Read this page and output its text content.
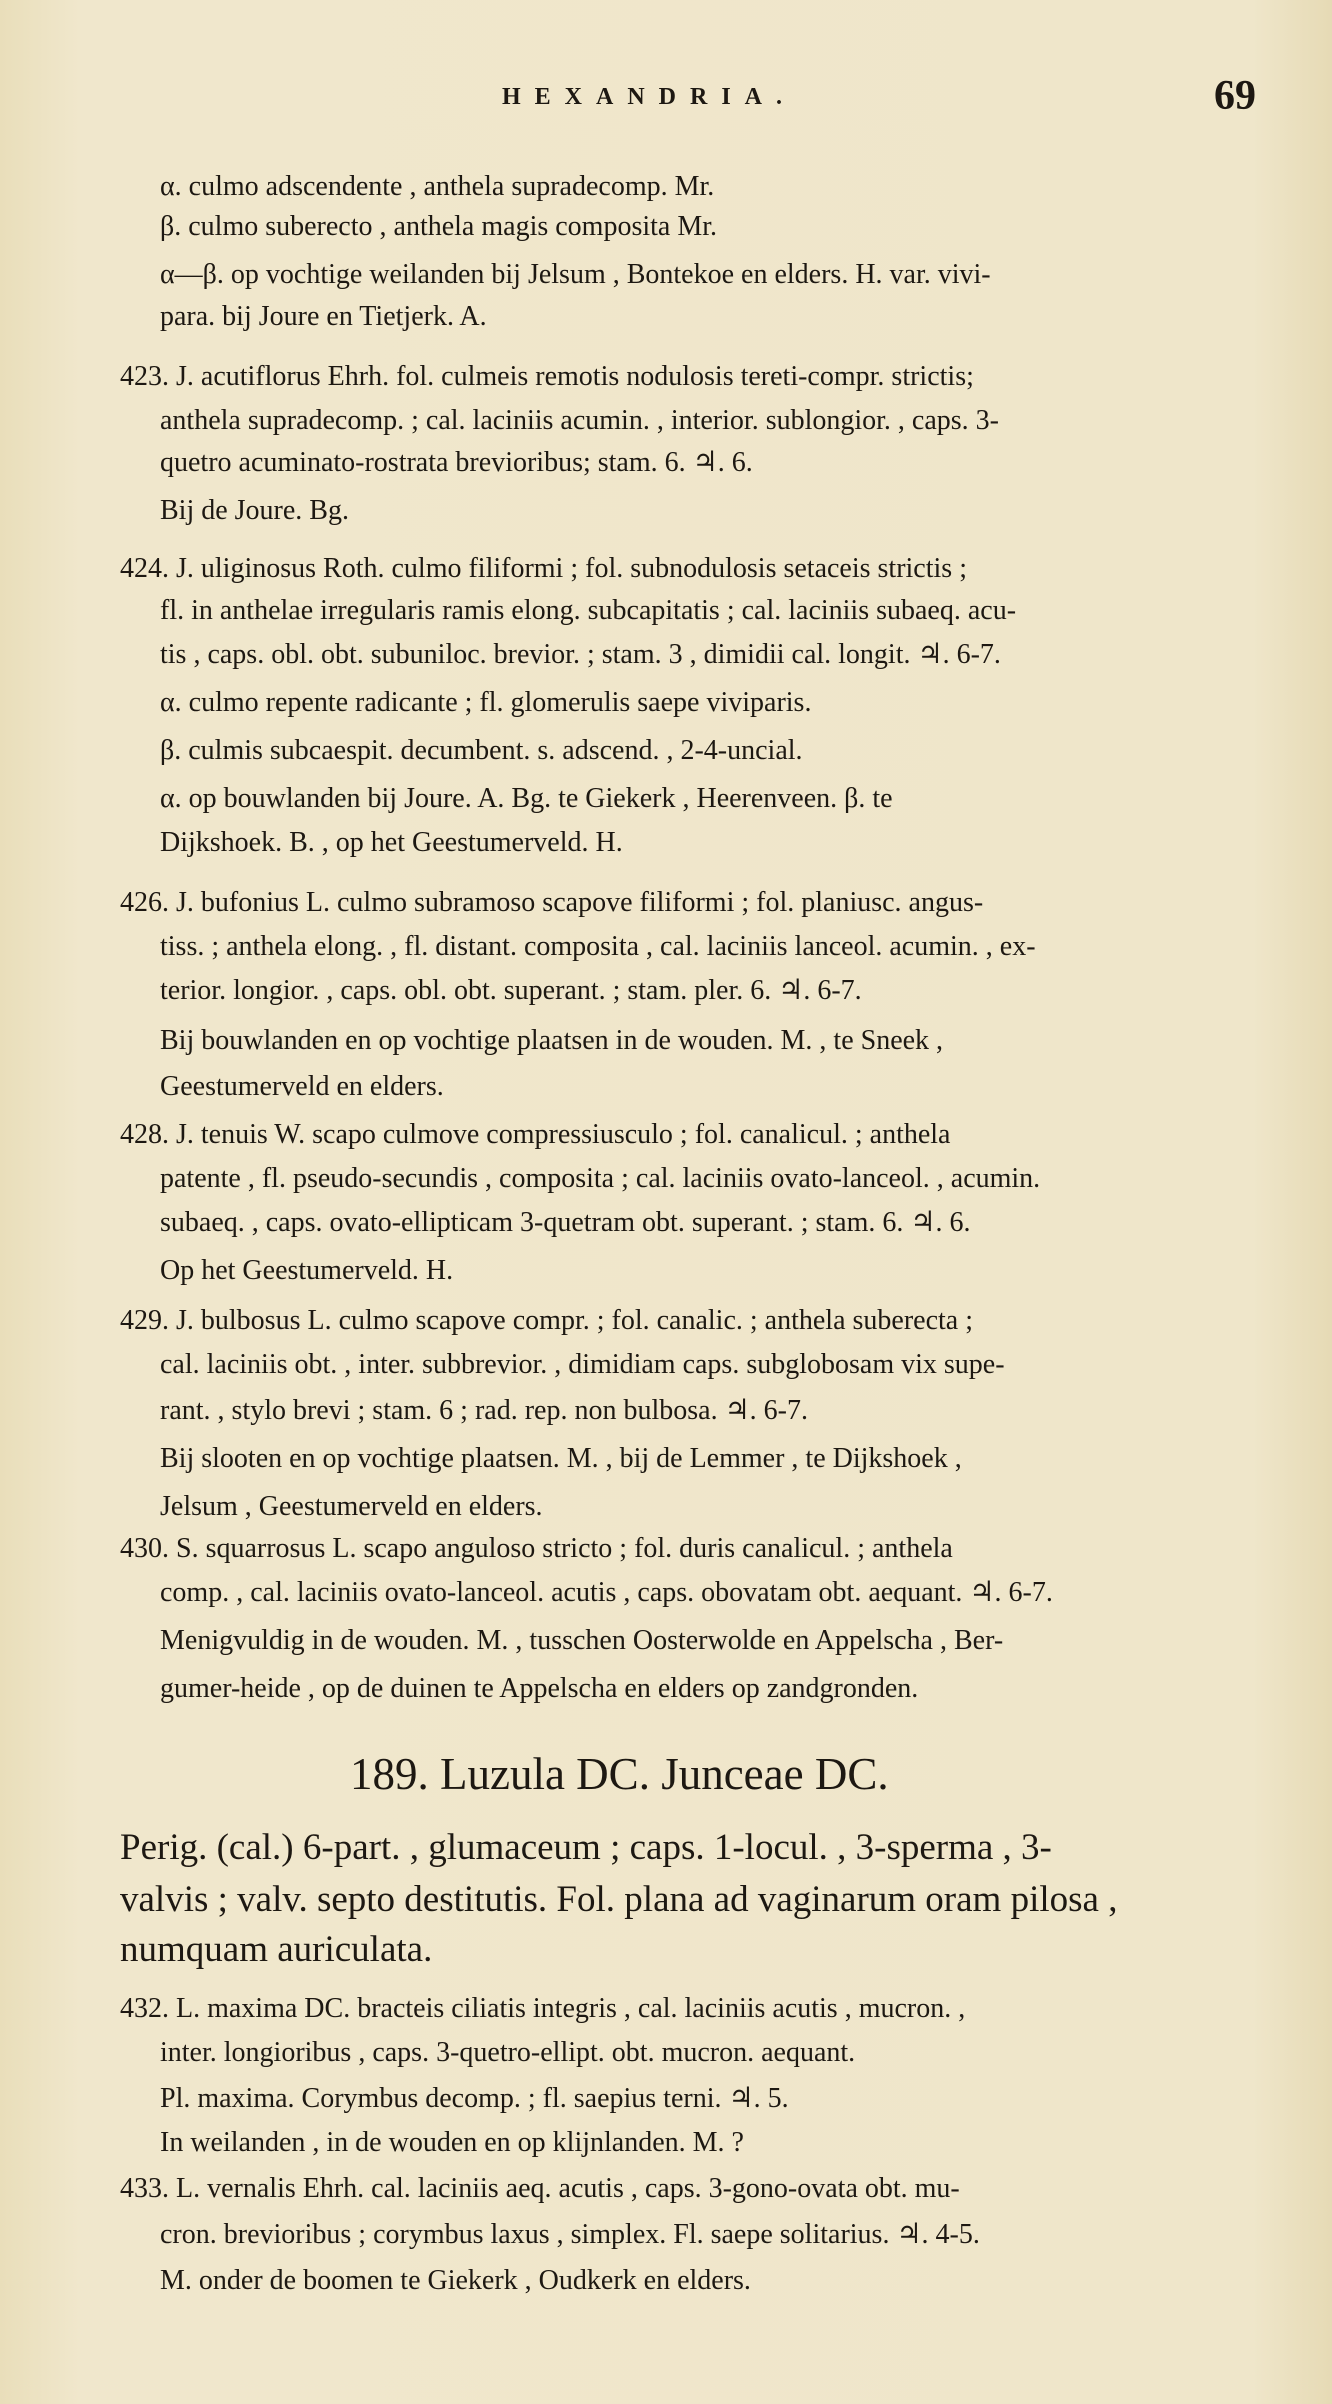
HEXANDRIA.	69
α. culmo adscendente , anthela supradecomp. Mr.
β. culmo suberecto , anthela magis composita Mr.
α—β. op vochtige weilanden bij Jelsum , Bontekoe en elders. H. var. vivi-
para. bij Joure en Tietjerk. A.
423. J. acutiflorus Ehrh. fol. culmeis remotis nodulosis tereti-compr. strictis;
anthela supradecomp. ; cal. laciniis acumin. , interior. sublongior. , caps. 3-
quetro acuminato-rostrata brevioribus; stam. 6. ♃. 6.
Bij de Joure. Bg.
424. J. uliginosus Roth. culmo filiformi ; fol. subnodulosis setaceis strictis ;
fl. in anthelae irregularis ramis elong. subcapitatis ; cal. laciniis subaeq. acu-
tis , caps. obl. obt. subuniloc. brevior. ; stam. 3 , dimidii cal. longit. ♃. 6-7.
α. culmo repente radicante ; fl. glomerulis saepe viviparis.
β. culmis subcaespit. decumbent. s. adscend. , 2-4-uncial.
α. op bouwlanden bij Joure. A. Bg. te Giekerk , Heerenveen. β. te
Dijkshoek. B. , op het Geestumerveld. H.
426. J. bufonius L. culmo subramoso scapove filiformi ; fol. planiusc. angus-
tiss. ; anthela elong. , fl. distant. composita , cal. laciniis lanceol. acumin. , ex-
terior. longior. , caps. obl. obt. superant. ; stam. pler. 6. ♃. 6-7.
Bij bouwlanden en op vochtige plaatsen in de wouden. M. , te Sneek ,
Geestumerveld en elders.
428. J. tenuis W. scapo culmove compressiusculo ; fol. canalicul. ; anthela
patente , fl. pseudo-secundis , composita ; cal. laciniis ovato-lanceol. , acumin.
subaeq. , caps. ovato-ellipticam 3-quetram obt. superant. ; stam. 6. ♃. 6.
Op het Geestumerveld. H.
429. J. bulbosus L. culmo scapove compr. ; fol. canalic. ; anthela suberecta ;
cal. laciniis obt. , inter. subbrevior. , dimidiam caps. subglobosam vix supe-
rant. , stylo brevi ; stam. 6 ; rad. rep. non bulbosa. ♃. 6-7.
Bij slooten en op vochtige plaatsen. M. , bij de Lemmer , te Dijkshoek ,
Jelsum , Geestumerveld en elders.
430. S. squarrosus L. scapo anguloso stricto ; fol. duris canalicul. ; anthela
comp. , cal. laciniis ovato-lanceol. acutis , caps. obovatam obt. aequant. ♃. 6-7.
Menigvuldig in de wouden. M. , tusschen Oosterwolde en Appelscha , Ber-
gumer-heide , op de duinen te Appelscha en elders op zandgronden.
189. Luzula DC. Junceae DC.
Perig. (cal.) 6-part. , glumaceum ; caps. 1-locul. , 3-sperma , 3-
valvis ; valv. septo destitutis. Fol. plana ad vaginarum oram pilosa ,
numquam auriculata.
432. L. maxima DC. bracteis ciliatis integris , cal. laciniis acutis , mucron. ,
inter. longioribus , caps. 3-quetro-ellipt. obt. mucron. aequant.
Pl. maxima. Corymbus decomp. ; fl. saepius terni. ♃. 5.
In weilanden , in de wouden en op klijnlanden. M. ?
433. L. vernalis Ehrh. cal. laciniis aeq. acutis , caps. 3-gono-ovata obt. mu-
cron. brevioribus ; corymbus laxus , simplex. Fl. saepe solitarius. ♃. 4-5.
M. onder de boomen te Giekerk , Oudkerk en elders.
